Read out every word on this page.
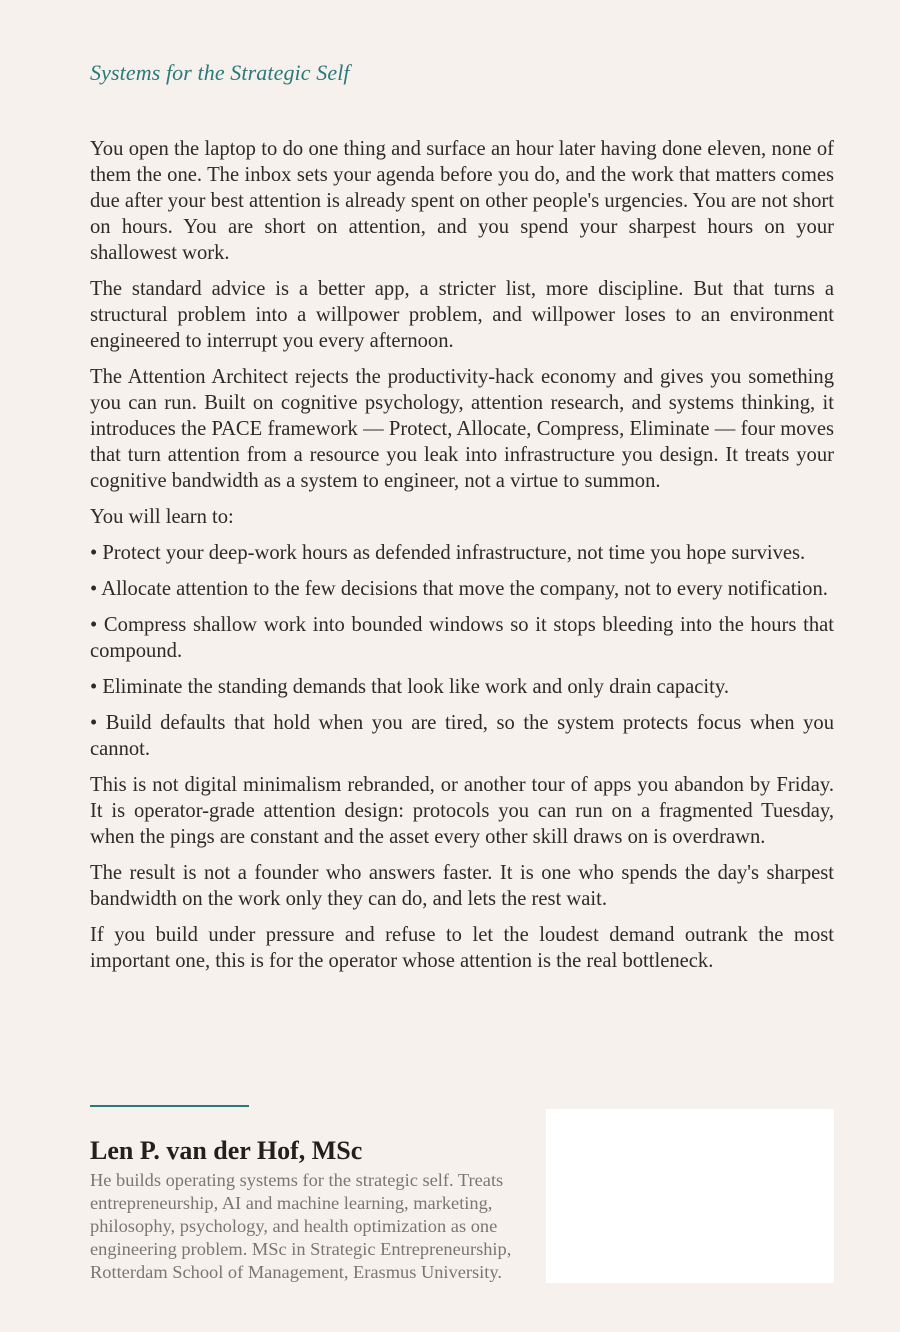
Systems for the Strategic Self

You open the laptop to do one thing and surface an hour later having done eleven, none of them the one. The inbox sets your agenda before you do, and the work that matters comes due after your best attention is already spent on other people's urgencies. You are not short on hours. You are short on attention, and you spend your sharpest hours on your shallowest work.

The standard advice is a better app, a stricter list, more discipline. But that turns a structural problem into a willpower problem, and willpower loses to an environment engineered to interrupt you every afternoon.

The Attention Architect rejects the productivity-hack economy and gives you something you can run. Built on cognitive psychology, attention research, and systems thinking, it introduces the PACE framework — Protect, Allocate, Compress, Eliminate — four moves that turn attention from a resource you leak into infrastructure you design. It treats your cognitive bandwidth as a system to engineer, not a virtue to summon.

You will learn to:

• Protect your deep-work hours as defended infrastructure, not time you hope survives.

• Allocate attention to the few decisions that move the company, not to every notification.

• Compress shallow work into bounded windows so it stops bleeding into the hours that compound.

• Eliminate the standing demands that look like work and only drain capacity.

• Build defaults that hold when you are tired, so the system protects focus when you cannot.

This is not digital minimalism rebranded, or another tour of apps you abandon by Friday. It is operator-grade attention design: protocols you can run on a fragmented Tuesday, when the pings are constant and the asset every other skill draws on is overdrawn.

The result is not a founder who answers faster. It is one who spends the day's sharpest bandwidth on the work only they can do, and lets the rest wait.

If you build under pressure and refuse to let the loudest demand outrank the most important one, this is for the operator whose attention is the real bottleneck.

Len P. van der Hof, MSc
He builds operating systems for the strategic self. Treats entrepreneurship, AI and machine learning, marketing, philosophy, psychology, and health optimization as one engineering problem. MSc in Strategic Entrepreneurship, Rotterdam School of Management, Erasmus University.
